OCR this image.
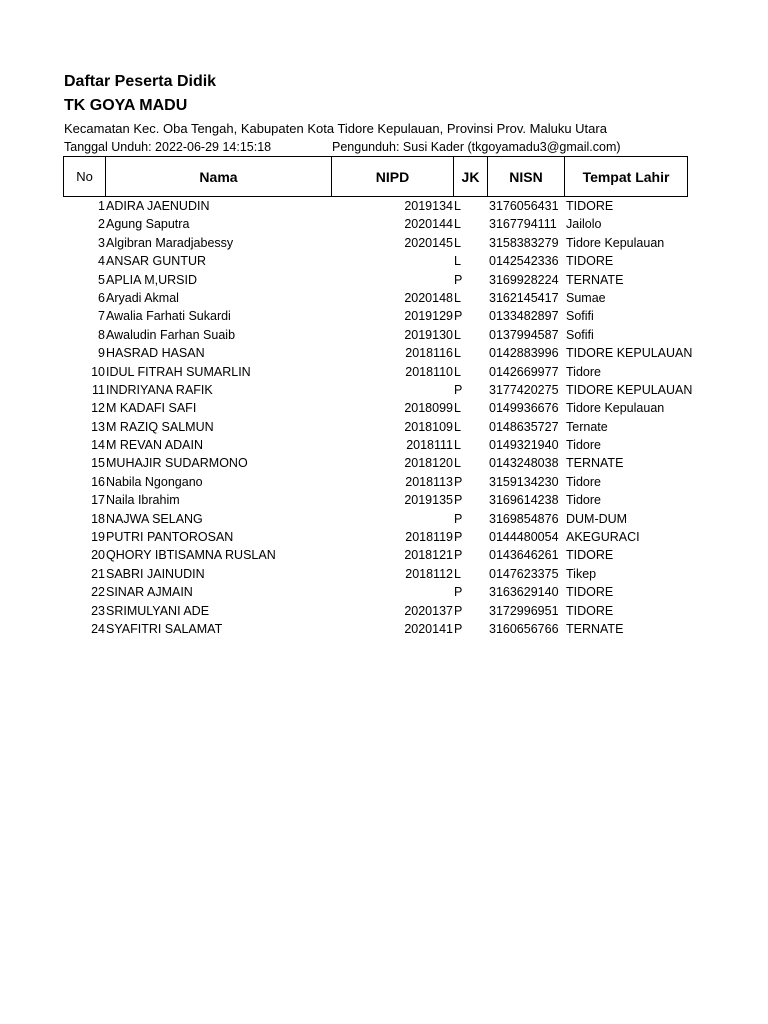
Daftar Peserta Didik
TK GOYA MADU
Kecamatan Kec. Oba Tengah, Kabupaten Kota Tidore Kepulauan, Provinsi Prov. Maluku Utara
Tanggal Unduh: 2022-06-29 14:15:18	Pengunduh: Susi Kader (tkgoyamadu3@gmail.com)
No	Nama	NIPD	JK	NISN	Tempat Lahir
1 ADIRA JAENUDIN	2019134 L 3176056431 TIDORE
2 Agung Saputra	2020144 L 3167794111 Jailolo
3 Algibran Maradjabessy	2020145 L 3158383279 Tidore Kepulauan
4 ANSAR GUNTUR	L 0142542336 TIDORE
5 APLIA M,URSID	P 3169928224 TERNATE
6 Aryadi Akmal	2020148 L 3162145417 Sumae
7 Awalia Farhati Sukardi	2019129 P 0133482897 Sofifi
8 Awaludin Farhan Suaib	2019130 L 0137994587 Sofifi
9 HASRAD HASAN	2018116 L 0142883996 TIDORE KEPULAUAN
10 IDUL FITRAH SUMARLIN	2018110 L 0142669977 Tidore
11 INDRIYANA RAFIK	P 3177420275 TIDORE KEPULAUAN
12 M KADAFI SAFI	2018099 L 0149936676 Tidore Kepulauan
13 M RAZIQ SALMUN	2018109 L 0148635727 Ternate
14 M REVAN ADAIN	2018111 L 0149321940 Tidore
15 MUHAJIR SUDARMONO	2018120 L 0143248038 TERNATE
16 Nabila Ngongano	2018113 P 3159134230 Tidore
17 Naila Ibrahim	2019135 P 3169614238 Tidore
18 NAJWA SELANG	P 3169854876 DUM-DUM
19 PUTRI PANTOROSAN	2018119 P 0144480054 AKEGURACI
20 QHORY IBTISAMNA RUSLAN	2018121 P 0143646261 TIDORE
21 SABRI JAINUDIN	2018112 L 0147623375 Tikep
22 SINAR AJMAIN	P 3163629140 TIDORE
23 SRIMULYANI ADE	2020137 P 3172996951 TIDORE
24 SYAFITRI SALAMAT	2020141 P 3160656766 TERNATE
